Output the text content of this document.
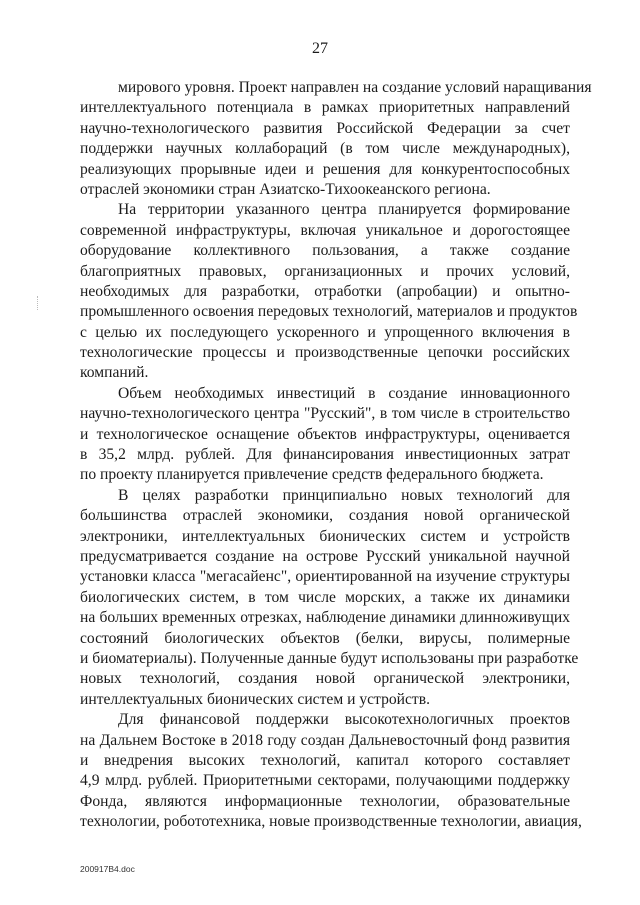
27
мирового уровня. Проект направлен на создание условий наращивания
интеллектуального потенциала в рамках приоритетных направлений
научно-технологического развития Российской Федерации за счет
поддержки научных коллабораций (в том числе международных),
реализующих прорывные идеи и решения для конкурентоспособных
отраслей экономики стран Азиатско-Тихоокеанского региона.
На территории указанного центра планируется формирование
современной инфраструктуры, включая уникальное и дорогостоящее
оборудование коллективного пользования, а также создание
благоприятных правовых, организационных и прочих условий,
необходимых для разработки, отработки (апробации) и опытно-
промышленного освоения передовых технологий, материалов и продуктов
с целью их последующего ускоренного и упрощенного включения в
технологические процессы и производственные цепочки российских
компаний.
Объем необходимых инвестиций в создание инновационного
научно-технологического центра "Русский", в том числе в строительство
и технологическое оснащение объектов инфраструктуры, оценивается
в 35,2 млрд. рублей. Для финансирования инвестиционных затрат
по проекту планируется привлечение средств федерального бюджета.
В целях разработки принципиально новых технологий для
большинства отраслей экономики, создания новой органической
электроники, интеллектуальных бионических систем и устройств
предусматривается создание на острове Русский уникальной научной
установки класса "мегасайенс", ориентированной на изучение структуры
биологических систем, в том числе морских, а также их динамики
на больших временных отрезках, наблюдение динамики длинноживущих
состояний биологических объектов (белки, вирусы, полимерные
и биоматериалы). Полученные данные будут использованы при разработке
новых технологий, создания новой органической электроники,
интеллектуальных бионических систем и устройств.
Для финансовой поддержки высокотехнологичных проектов
на Дальнем Востоке в 2018 году создан Дальневосточный фонд развития
и внедрения высоких технологий, капитал которого составляет
4,9 млрд. рублей. Приоритетными секторами, получающими поддержку
Фонда, являются информационные технологии, образовательные
технологии, робототехника, новые производственные технологии, авиация,
200917B4.doc
